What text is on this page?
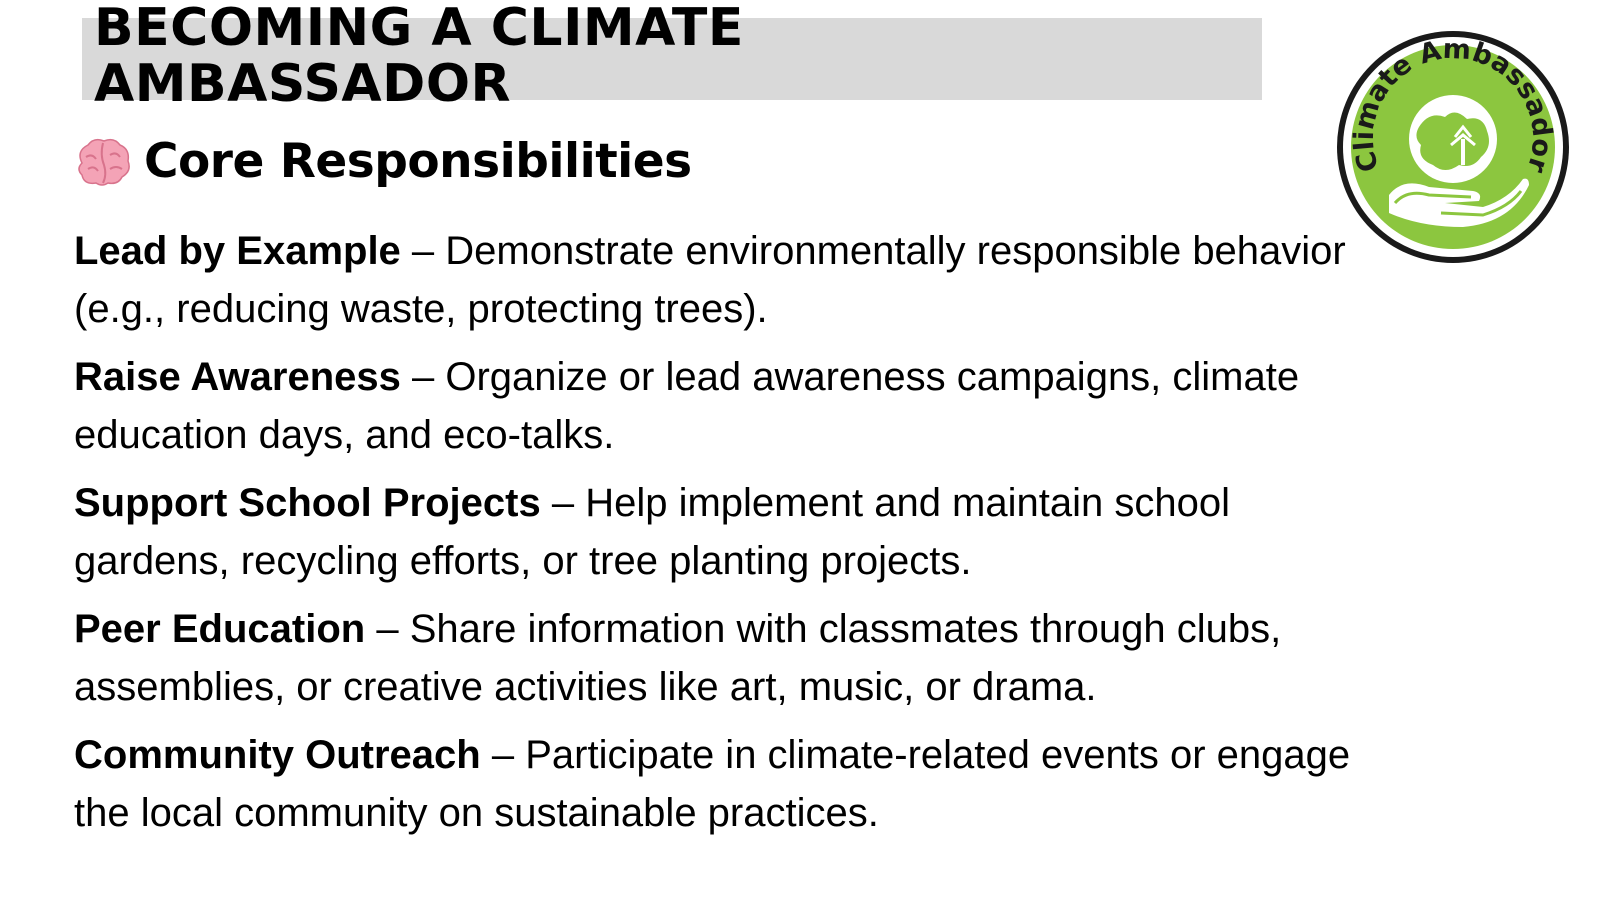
BECOMING A CLIMATE
AMBASSADOR
Climate Ambassador
Core Responsibilities
Lead by Example – Demonstrate environmentally responsible behavior (e.g., reducing waste, protecting trees).
Raise Awareness – Organize or lead awareness campaigns, climate education days, and eco-talks.
Support School Projects – Help implement and maintain school gardens, recycling efforts, or tree planting projects.
Peer Education – Share information with classmates through clubs, assemblies, or creative activities like art, music, or drama.
Community Outreach – Participate in climate-related events or engage the local community on sustainable practices.
